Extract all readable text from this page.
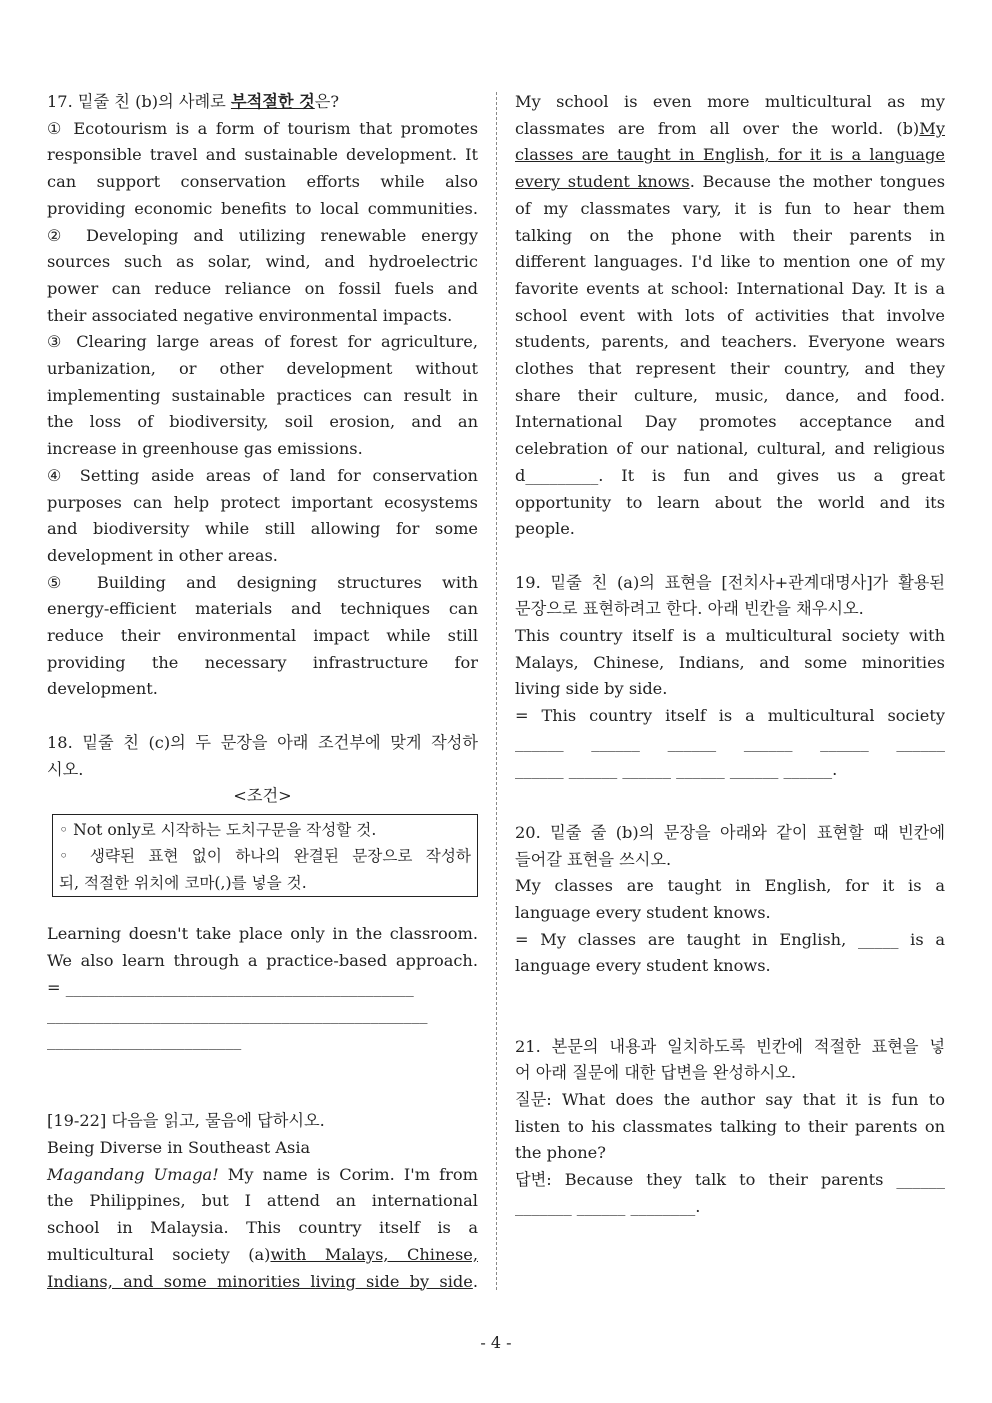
17. 밑줄 친 (b)의 사례로 부적절한 것은?

① Ecotourism is a form of tourism that promotes

responsible travel and sustainable development. It

can support conservation efforts while also

providing economic benefits to local communities.

② Developing and utilizing renewable energy

sources such as solar, wind, and hydroelectric

power can reduce reliance on fossil fuels and

their associated negative environmental impacts.

③ Clearing large areas of forest for agriculture,

urbanization, or other development without

implementing sustainable practices can result in

the loss of biodiversity, soil erosion, and an

increase in greenhouse gas emissions.

④ Setting aside areas of land for conservation

purposes can help protect important ecosystems

and biodiversity while still allowing for some

development in other areas.

⑤ Building and designing structures with

energy-efficient materials and techniques can

reduce their environmental impact while still

providing the necessary infrastructure for

development.

18. 밑줄 친 (c)의 두 문장을 아래 조건부에 맞게 작성하

시오.

<조건>

◦ Not only로 시작하는 도치구문을 작성할 것.

◦ 생략된 표현 없이 하나의 완결된 문장으로 작성하

되, 적절한 위치에 코마(,)를 넣을 것.

Learning doesn't take place only in the classroom.

We also learn through a practice-based approach.

= ___________________________________________

_______________________________________________

________________________

[19-22] 다음을 읽고, 물음에 답하시오.

Being Diverse in Southeast Asia

Magandang Umaga! My name is Corim. I'm from

the Philippines, but I attend an international

school in Malaysia. This country itself is a

multicultural society (a)with Malays, Chinese,

Indians, and some minorities living side by side.

My school is even more multicultural as my

classmates are from all over the world. (b)My

classes are taught in English, for it is a language

every student knows. Because the mother tongues

of my classmates vary, it is fun to hear them

talking on the phone with their parents in

different languages. I'd like to mention one of my

favorite events at school: International Day. It is a

school event with lots of activities that involve

students, parents, and teachers. Everyone wears

clothes that represent their country, and they

share their culture, music, dance, and food.

International Day promotes acceptance and

celebration of our national, cultural, and religious

d_________. It is fun and gives us a great

opportunity to learn about the world and its

people.

19. 밑줄 친 (a)의 표현을 [전치사+관계대명사]가 활용된

문장으로 표현하려고 한다. 아래 빈칸을 채우시오.

This country itself is a multicultural society with

Malays, Chinese, Indians, and some minorities

living side by side.

= This country itself is a multicultural society

______ ______ ______ ______ ______ ______

______ ______ ______ ______ ______ ______.

20. 밑줄 줄 (b)의 문장을 아래와 같이 표현할 때 빈칸에

들어갈 표현을 쓰시오.

My classes are taught in English, for it is a

language every student knows.

= My classes are taught in English, _____ is a

language every student knows.

21. 본문의 내용과 일치하도록 빈칸에 적절한 표현을 넣

어 아래 질문에 대한 답변을 완성하시오.

질문: What does the author say that it is fun to

listen to his classmates talking to their parents on

the phone?

답변: Because they talk to their parents ______

_______ ______ ________.

- 4 -
